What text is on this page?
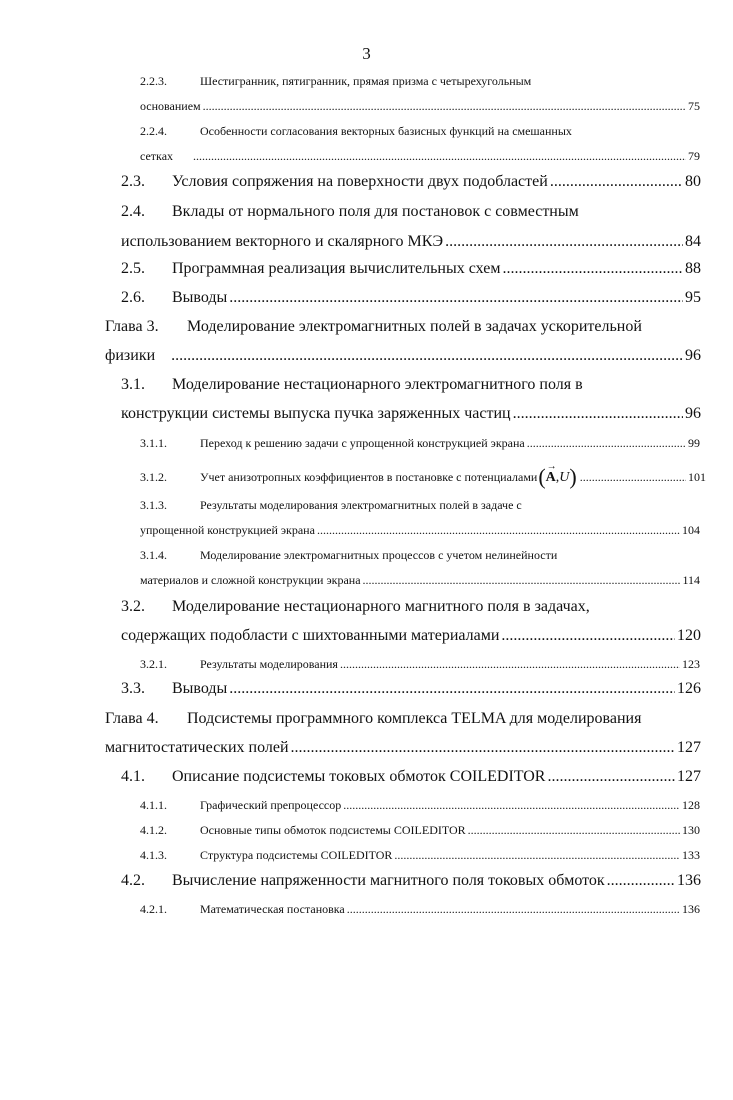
3
2.2.3.	Шестигранник, пятигранник, прямая призма с четырехугольным
основанием .....	75
2.2.4.	Особенности согласования векторных базисных функций на смешанных
сетках .....	79
2.3.	Условия сопряжения на поверхности двух подобластей .....	80
2.4.	Вклады от нормального поля для постановок с совместным
использованием векторного и скалярного МКЭ .....	84
2.5.	Программная реализация вычислительных схем .....	88
2.6.	Выводы .....	95
Глава 3.	Моделирование электромагнитных полей в задачах ускорительной
физики .....	96
3.1.	Моделирование нестационарного электромагнитного поля в
конструкции системы выпуска пучка заряженных частиц .....	96
3.1.1.	Переход к решению задачи с упрощенной конструкцией экрана .....	99
3.1.2.	Учет анизотропных коэффициентов в постановке с потенциалами ( →
A,U) .....	101
3.1.3.	Результаты моделирования электромагнитных полей в задаче с
упрощенной конструкцией экрана .....	104
3.1.4.	Моделирование электромагнитных процессов с учетом нелинейности
материалов и сложной конструкции экрана .....	114
3.2.	Моделирование нестационарного магнитного поля в задачах,
содержащих подобласти с шихтованными материалами .....	120
3.2.1.	Результаты моделирования .....	123
3.3.	Выводы .....	126
Глава 4.	Подсистемы программного комплекса TELMA для моделирования
магнитостатических полей .....	127
4.1.	Описание подсистемы токовых обмоток COILEDITOR .....	127
4.1.1.	Графический препроцессор .....	128
4.1.2.	Основные типы обмоток подсистемы COILEDITOR .....	130
4.1.3.	Структура подсистемы COILEDITOR .....	133
4.2.	Вычисление напряженности магнитного поля токовых обмоток .....	136
4.2.1.	Математическая постановка .....	136
